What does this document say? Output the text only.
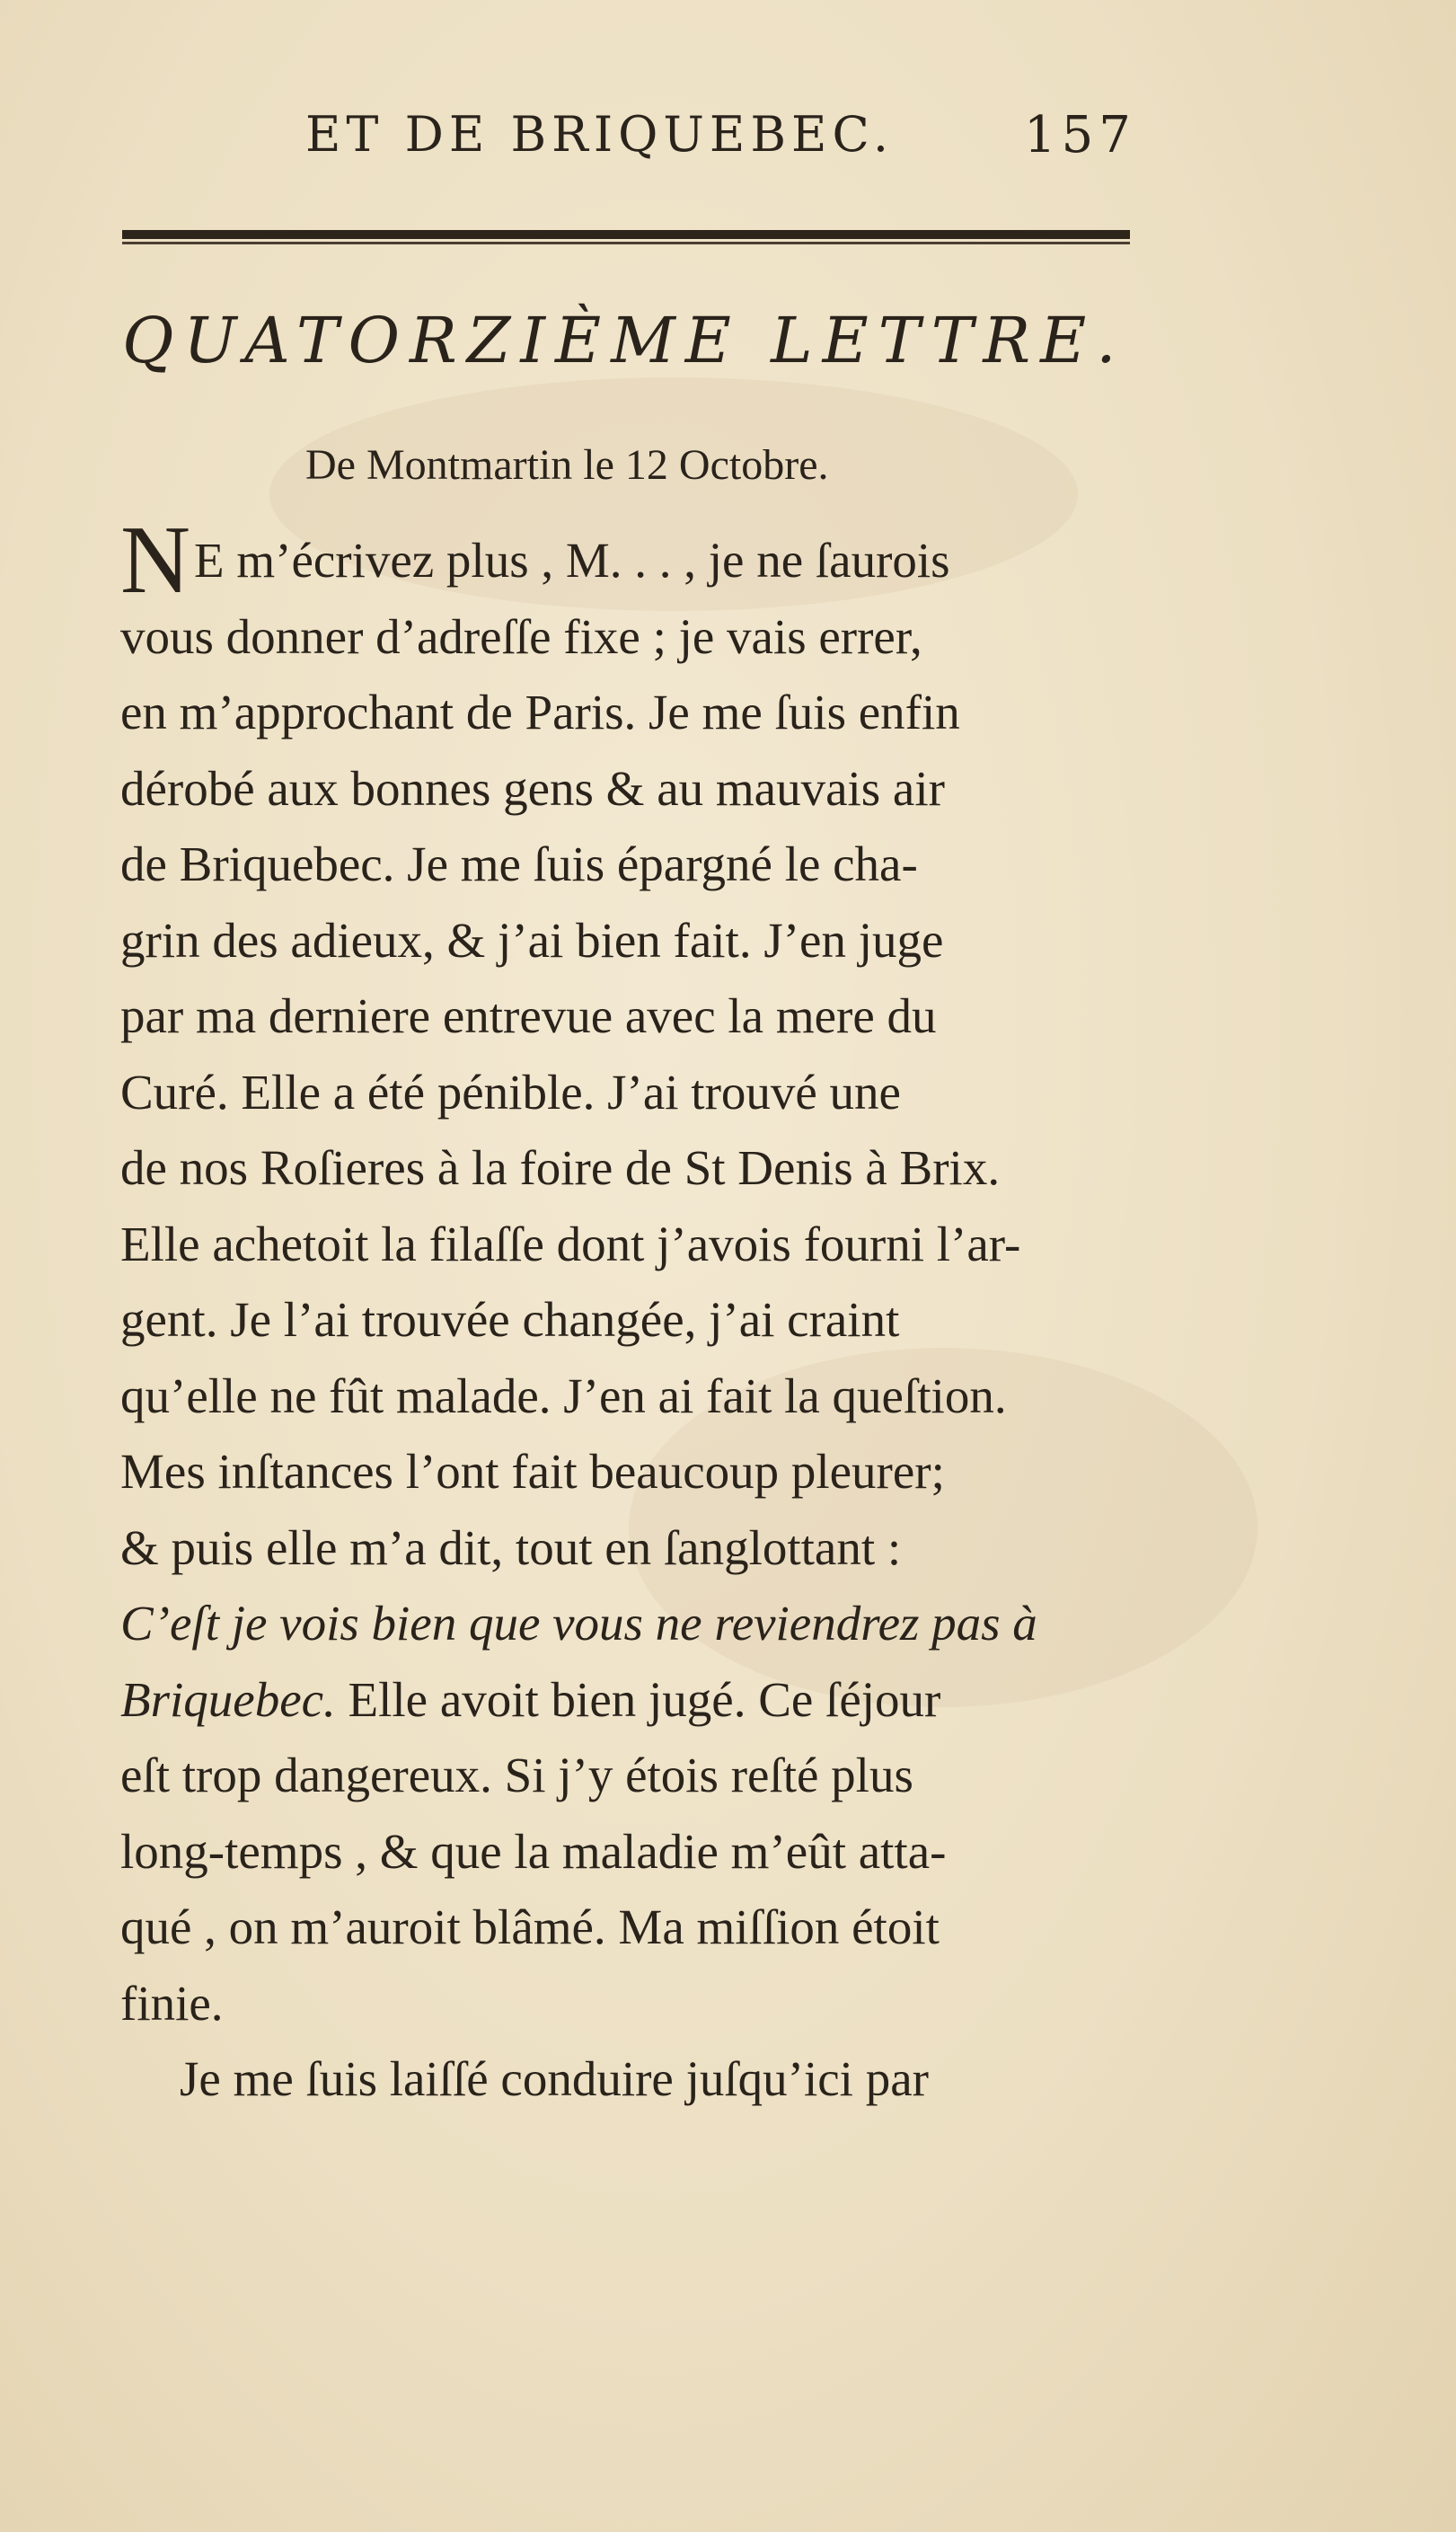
ET DE BRIQUEBEC.	157
QUATORZIÈME LETTRE.
De Montmartin le 12 Octobre.
NE m’écrivez plus , M. . . , je ne ſaurois
vous donner d’adreſſe fixe ; je vais errer,
en m’approchant de Paris. Je me ſuis enfin
dérobé aux bonnes gens & au mauvais air
de Briquebec. Je me ſuis épargné le cha-
grin des adieux, & j’ai bien fait. J’en juge
par ma derniere entrevue avec la mere du
Curé. Elle a été pénible. J’ai trouvé une
de nos Roſieres à la foire de St Denis à Brix.
Elle achetoit la filaſſe dont j’avois fourni l’ar-
gent. Je l’ai trouvée changée, j’ai craint
qu’elle ne fût malade. J’en ai fait la queſtion.
Mes inſtances l’ont fait beaucoup pleurer;
& puis elle m’a dit, tout en ſanglottant :
C’eſt je vois bien que vous ne reviendrez pas à
Briquebec. Elle avoit bien jugé. Ce ſéjour
eſt trop dangereux. Si j’y étois reſté plus
long-temps , & que la maladie m’eût atta-
qué , on m’auroit blâmé. Ma miſſion étoit
finie.
Je me ſuis laiſſé conduire juſqu’ici par
